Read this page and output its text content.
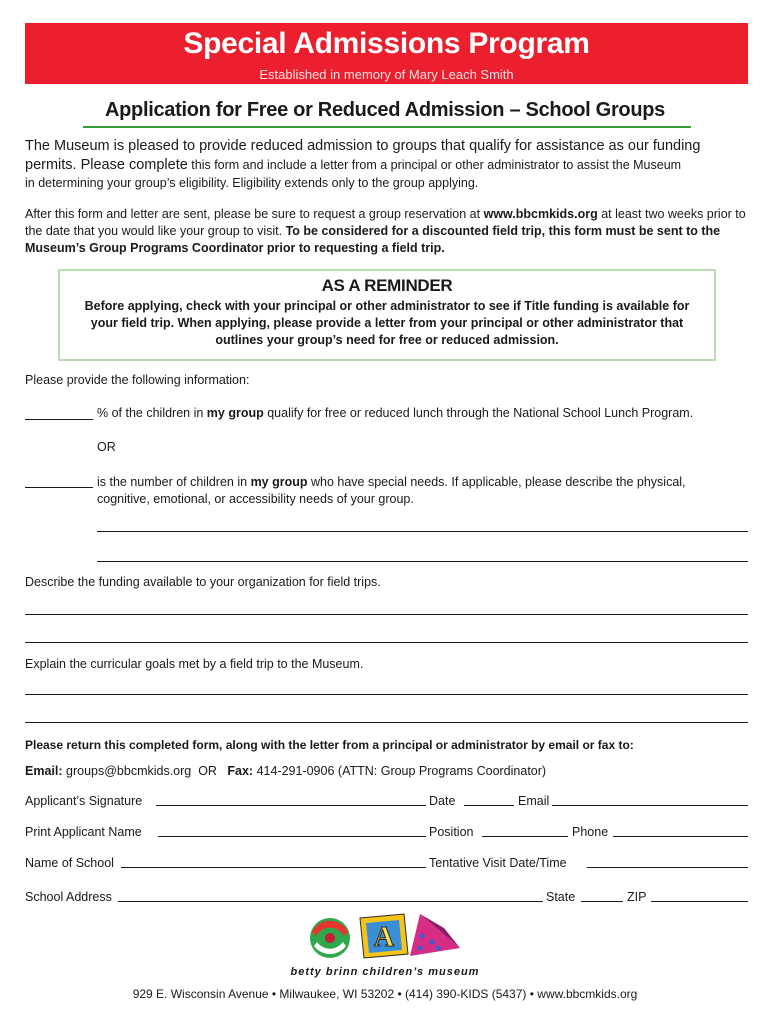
Special Admissions Program
Established in memory of Mary Leach Smith
Application for Free or Reduced Admission – School Groups
The Museum is pleased to provide reduced admission to groups that qualify for assistance as our funding
permits. Please complete this form and include a letter from a principal or other administrator to assist the Museum
in determining your group’s eligibility. Eligibility extends only to the group applying.
After this form and letter are sent, please be sure to request a group reservation at www.bbcmkids.org at least two weeks prior to the date that you would like your group to visit. To be considered for a discounted field trip, this form must be sent to the Museum’s Group Programs Coordinator prior to requesting a field trip.
AS A REMINDER
Before applying, check with your principal or other administrator to see if Title funding is available for your field trip. When applying, please provide a letter from your principal or other administrator that outlines your group’s need for free or reduced admission.
Please provide the following information:
% of the children in my group qualify for free or reduced lunch through the National School Lunch Program.
OR
is the number of children in my group who have special needs. If applicable, please describe the physical,
cognitive, emotional, or accessibility needs of your group.
Describe the funding available to your organization for field trips.
Explain the curricular goals met by a field trip to the Museum.
Please return this completed form, along with the letter from a principal or administrator by email or fax to:
Email: groups@bbcmkids.org  OR   Fax: 414-291-0906 (ATTN: Group Programs Coordinator)
Applicant’s Signature	Date	Email
Print Applicant Name	Position	Phone
Name of School	Tentative Visit Date/Time
School Address	State	ZIP
A
betty brinn children’s museum
929 E. Wisconsin Avenue • Milwaukee, WI 53202 • (414) 390-KIDS (5437) • www.bbcmkids.org
